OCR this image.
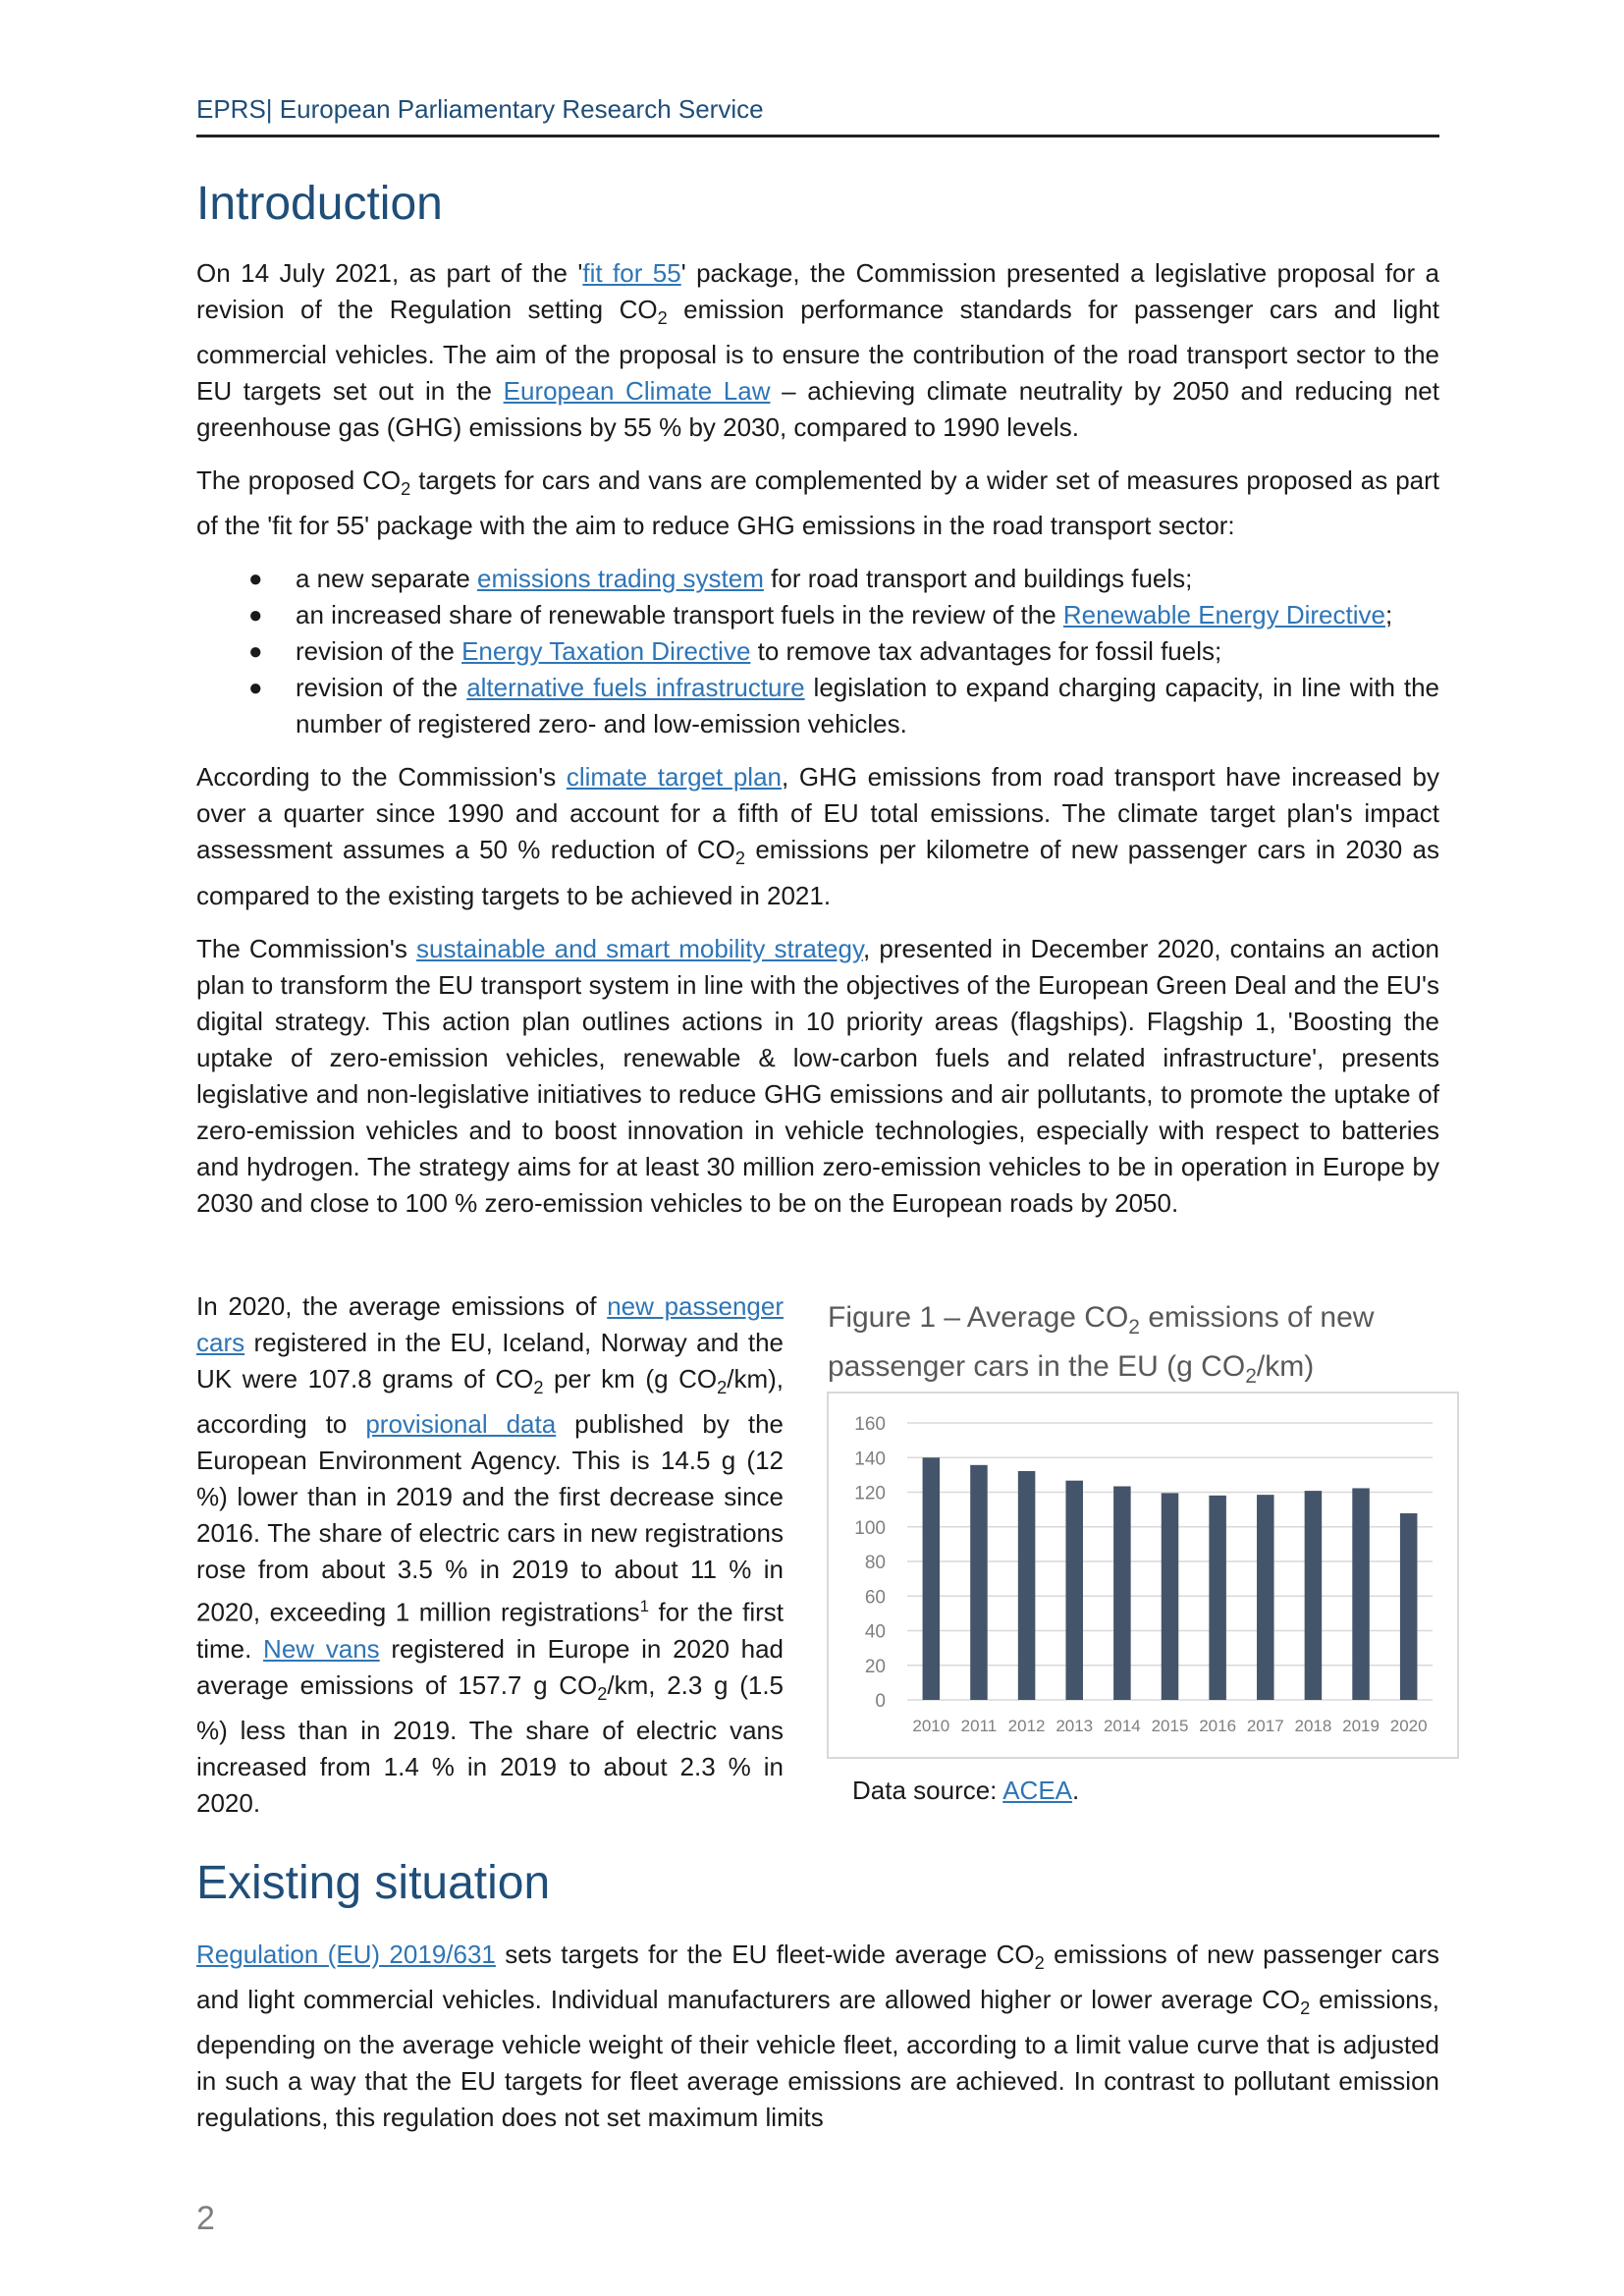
EPRS| European Parliamentary Research Service
Introduction

On 14 July 2021, as part of the 'fit for 55' package, the Commission presented a legislative proposal for a revision of the Regulation setting $CO_2$ emission performance standards for passenger cars and light commercial vehicles. The aim of the proposal is to ensure the contribution of the road transport sector to the EU targets set out in the European Climate Law – achieving climate neutrality by 2050 and reducing net greenhouse gas (GHG) emissions by 55 % by 2030, compared to 1990 levels.

The proposed $CO_2$ targets for cars and vans are complemented by a wider set of measures proposed as part of the 'fit for 55' package with the aim to reduce GHG emissions in the road transport sector:

● a new separate emissions trading system for road transport and buildings fuels;
● an increased share of renewable transport fuels in the review of the Renewable Energy Directive;
● revision of the Energy Taxation Directive to remove tax advantages for fossil fuels;
● revision of the alternative fuels infrastructure legislation to expand charging capacity, in line with the number of registered zero- and low-emission vehicles.

According to the Commission's climate target plan, GHG emissions from road transport have increased by over a quarter since 1990 and account for a fifth of EU total emissions. The climate target plan's impact assessment assumes a 50 % reduction of $CO_2$ emissions per kilometre of new passenger cars in 2030 as compared to the existing targets to be achieved in 2021.

The Commission's sustainable and smart mobility strategy, presented in December 2020, contains an action plan to transform the EU transport system in line with the objectives of the European Green Deal and the EU's digital strategy. This action plan outlines actions in 10 priority areas (flagships). Flagship 1, 'Boosting the uptake of zero-emission vehicles, renewable & low-carbon fuels and related infrastructure', presents legislative and non-legislative initiatives to reduce GHG emissions and air pollutants, to promote the uptake of zero-emission vehicles and to boost innovation in vehicle technologies, especially with respect to batteries and hydrogen. The strategy aims for at least 30 million zero-emission vehicles to be in operation in Europe by 2030 and close to 100 % zero-emission vehicles to be on the European roads by 2050.

In 2020, the average emissions of new passenger cars registered in the EU, Iceland, Norway and the UK were 107.8 grams of $CO_2$ per km (g $CO_2/km$), according to provisional data published by the European Environment Agency. This is 14.5 g (12 %) lower than in 2019 and the first decrease since 2016. The share of electric cars in new registrations rose from about 3.5 % in 2019 to about 11 % in 2020, exceeding 1 million registrations$^1$ for the first time. New vans registered in Europe in 2020 had average emissions of 157.7 g $CO_2/km$, 2.3 g (1.5 %) less than in 2019. The share of electric vans increased from 1.4 % in 2019 to about 2.3 % in 2020.

Figure 1 – Average $CO_2$ emissions of new passenger cars in the EU (g $CO_2/km$)
0
20
40
60
80
100
120
140
160
2010 2011 2012 2013 2014 2015 2016 2017 2018 2019 2020
Data source: ACEA.
Existing situation

Regulation (EU) 2019/631 sets targets for the EU fleet-wide average $CO_2$ emissions of new passenger cars and light commercial vehicles. Individual manufacturers are allowed higher or lower average $CO_2$ emissions, depending on the average vehicle weight of their vehicle fleet, according to a limit value curve that is adjusted in such a way that the EU targets for fleet average emissions are achieved. In contrast to pollutant emission regulations, this regulation does not set maximum limits

2
